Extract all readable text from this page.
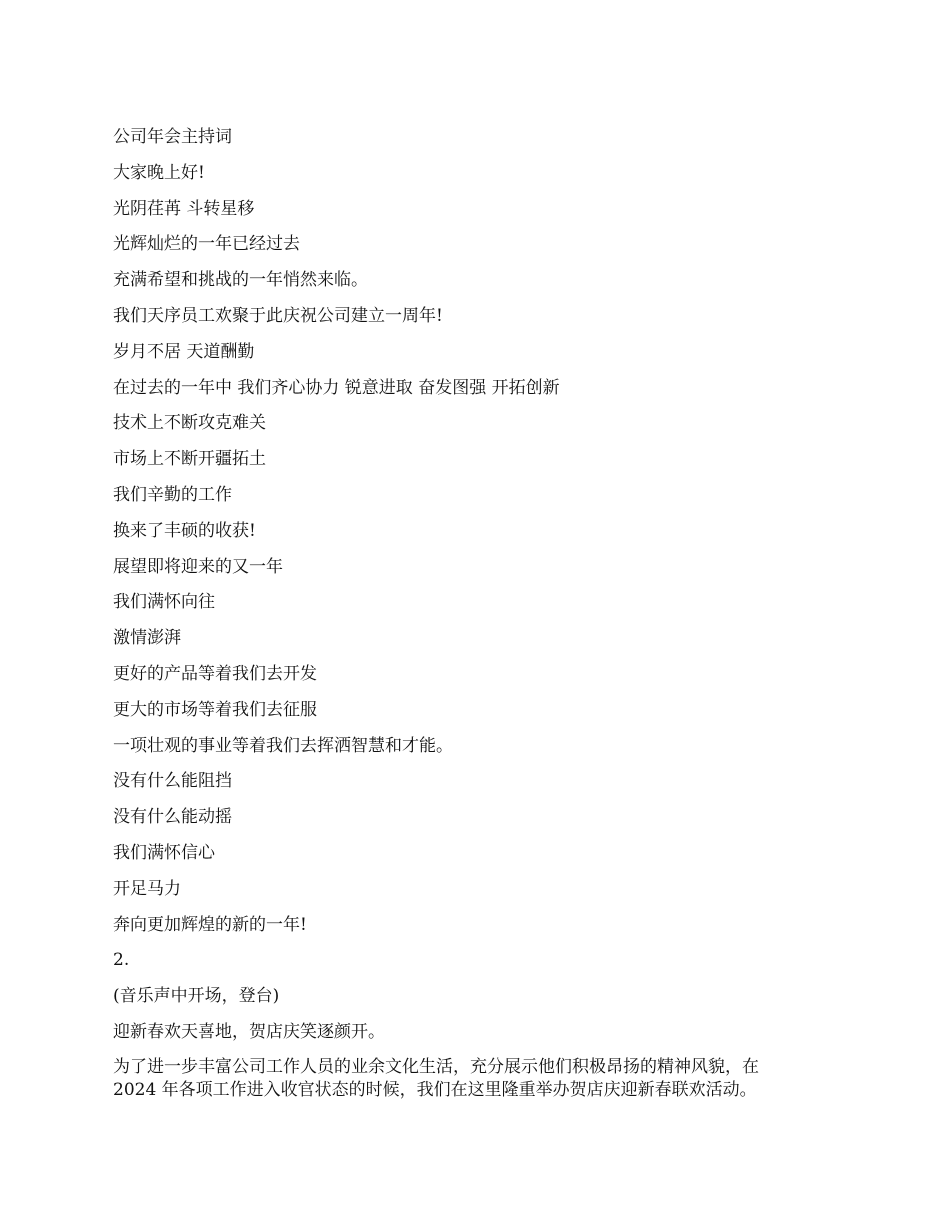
公司年会主持词
大家晚上好!
光阴荏苒 斗转星移
光辉灿烂的一年已经过去
充满希望和挑战的一年悄然来临。
我们天序员工欢聚于此庆祝公司建立一周年!
岁月不居 天道酬勤
在过去的一年中 我们齐心协力 锐意进取 奋发图强 开拓创新
技术上不断攻克难关
市场上不断开疆拓土
我们辛勤的工作
换来了丰硕的收获!
展望即将迎来的又一年
我们满怀向往
激情澎湃
更好的产品等着我们去开发
更大的市场等着我们去征服
一项壮观的事业等着我们去挥洒智慧和才能。
没有什么能阻挡
没有什么能动摇
我们满怀信心
开足马力
奔向更加辉煌的新的一年!
2.
(音乐声中开场，登台)
迎新春欢天喜地，贺店庆笑逐颜开。
为了进一步丰富公司工作人员的业余文化生活，充分展示他们积极昂扬的精神风貌，在
2024 年各项工作进入收官状态的时候，我们在这里隆重举办贺店庆迎新春联欢活动。
